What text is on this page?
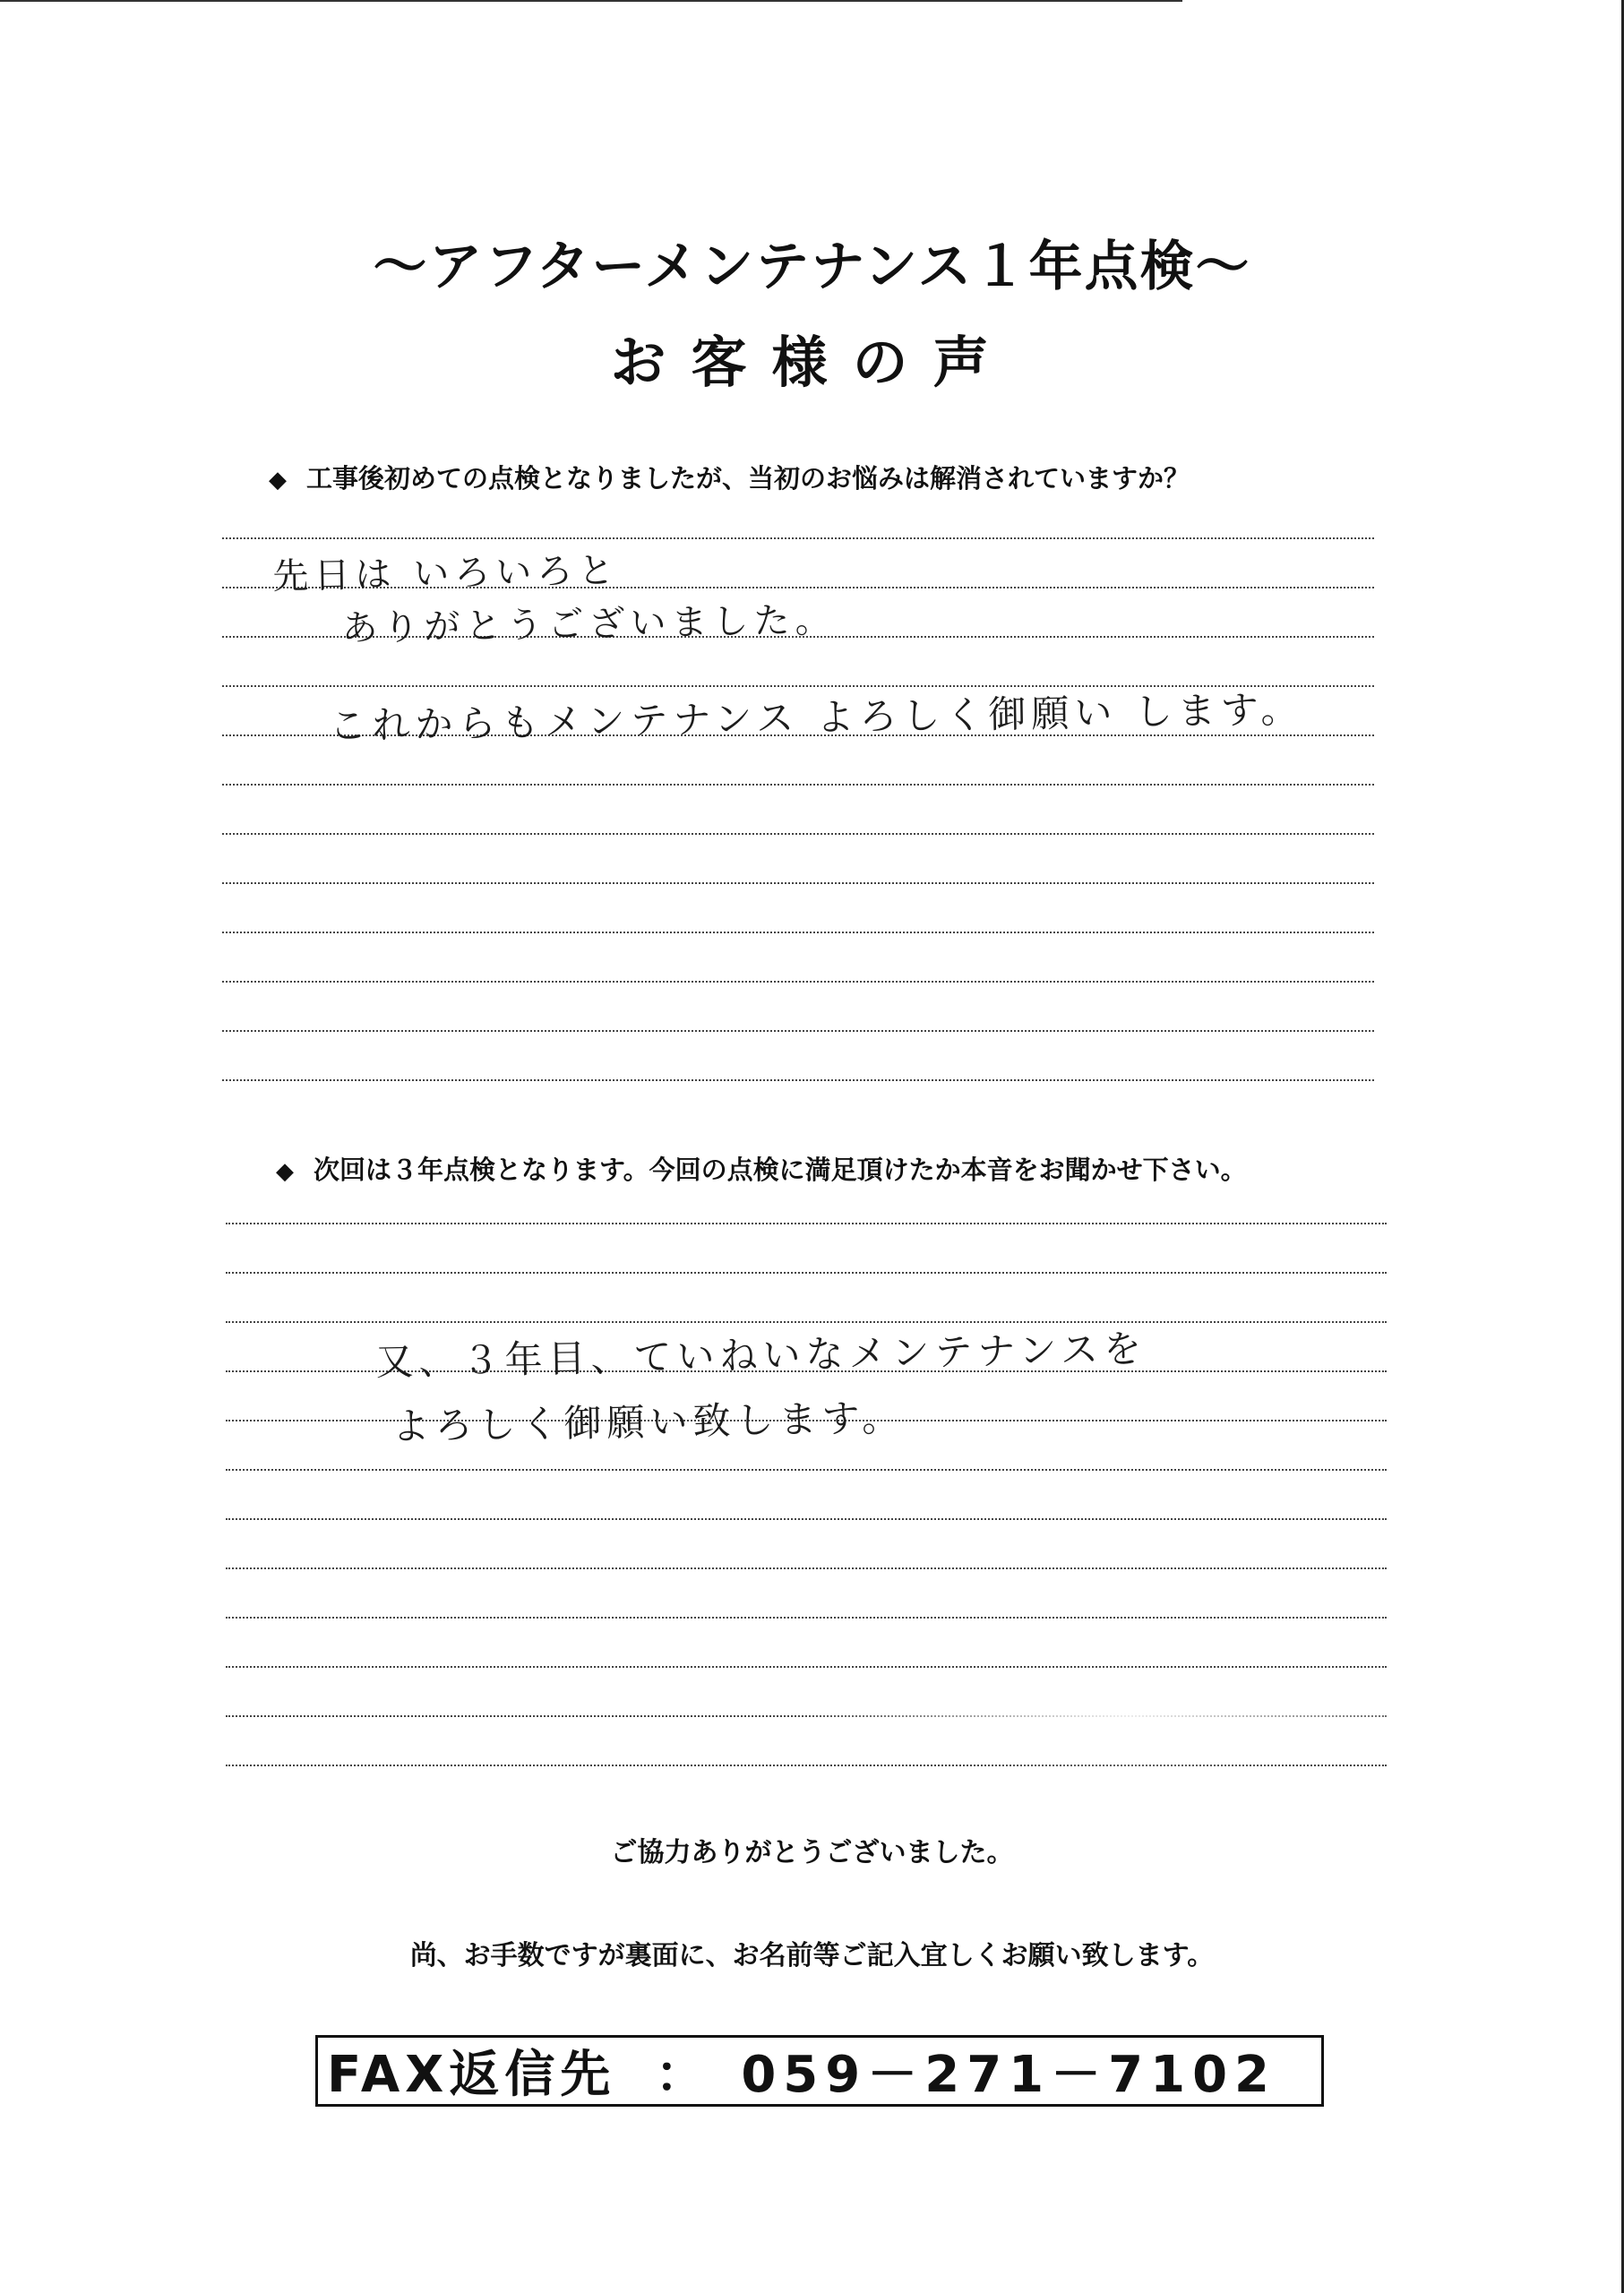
～アフターメンテナンス１年点検～
お客様の声
◆ 工事後初めての点検となりましたが、当初のお悩みは解消されていますか？
先日は いろいろと
ありがとうございました。
これからもメンテナンス よろしく御願い します。
◆ 次回は３年点検となります。今回の点検に満足頂けたか本音をお聞かせ下さい。
又、３年目、ていねいなメンテナンスを
よろしく御願い致します。
ご協力ありがとうございました。
尚、お手数ですが裏面に、お名前等ご記入宜しくお願い致します。
FAX返信先 ： 059－271－7102
